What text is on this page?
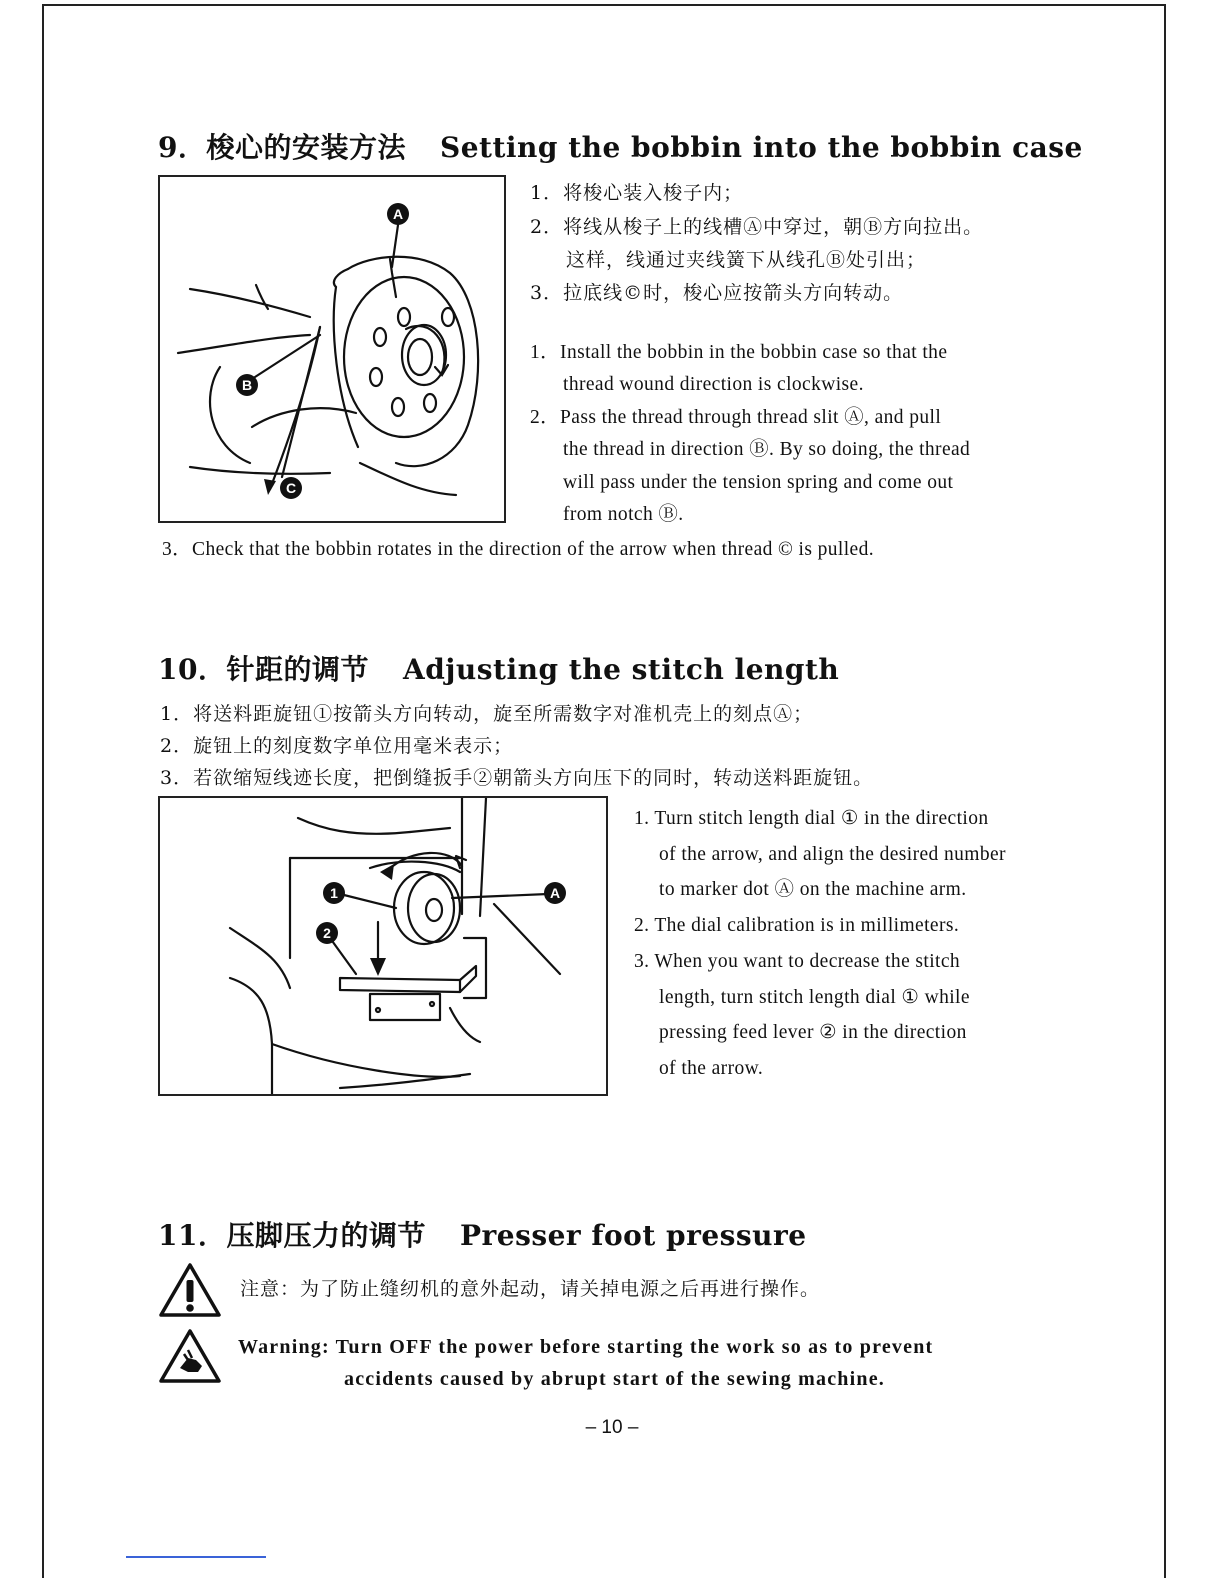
9．梭心的安装方法 Setting the bobbin into the bobbin case
A
B
C
1．将梭心装入梭子内；
2．将线从梭子上的线槽Ⓐ中穿过，朝Ⓑ方向拉出。
这样，线通过夹线簧下从线孔Ⓑ处引出；
3．拉底线©时，梭心应按箭头方向转动。
1．Install the bobbin in the bobbin case so that the
thread wound direction is clockwise.
2．Pass the thread through thread slit Ⓐ, and pull
the thread in direction Ⓑ. By so doing, the thread
will pass under the tension spring and come out
from notch Ⓑ.
3．Check that the bobbin rotates in the direction of the arrow when thread © is pulled.
10．针距的调节 Adjusting the stitch length
1．将送料距旋钮①按箭头方向转动，旋至所需数字对准机壳上的刻点Ⓐ；
2．旋钮上的刻度数字单位用毫米表示；
3．若欲缩短线迹长度，把倒缝扳手②朝箭头方向压下的同时，转动送料距旋钮。
1
2
A
1. Turn stitch length dial ① in the direction
of the arrow, and align the desired number
to marker dot Ⓐ on the machine arm.
2. The dial calibration is in millimeters.
3. When you want to decrease the stitch
length, turn stitch length dial ① while
pressing feed lever ② in the direction
of the arrow.
11．压脚压力的调节 Presser foot pressure
注意：为了防止缝纫机的意外起动，请关掉电源之后再进行操作。
Warning: Turn OFF the power before starting the work so as to prevent
accidents caused by abrupt start of the sewing machine.
– 10 –
